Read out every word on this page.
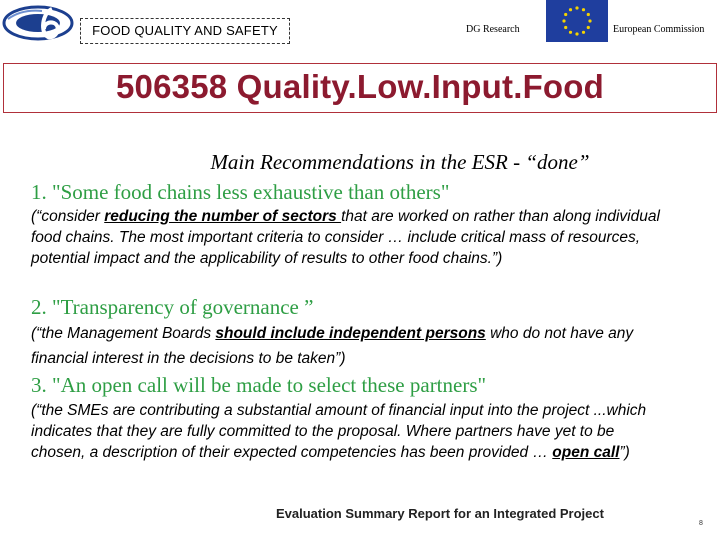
FOOD QUALITY AND SAFETY	DG Research	European Commission
506358 Quality.Low.Input.Food
Main Recommendations in the ESR - “done”
1. "Some food chains less exhaustive than others"
(“consider reducing the number of sectors that are worked on rather than along individual food chains. The most important criteria to consider … include critical mass of resources, potential impact and the applicability of results to other food chains.”)
2. "Transparency of governance ”
(“the Management Boards should include independent persons who do not have any financial interest in the decisions to be taken”)
3. "An open call will be made to select these partners"
(“the SMEs are contributing a substantial amount of financial input into the project ...which indicates that they are fully committed to the proposal. Where partners have yet to be chosen, a description of their expected competencies has been provided … open call”)
Evaluation Summary Report for an Integrated Project
8
